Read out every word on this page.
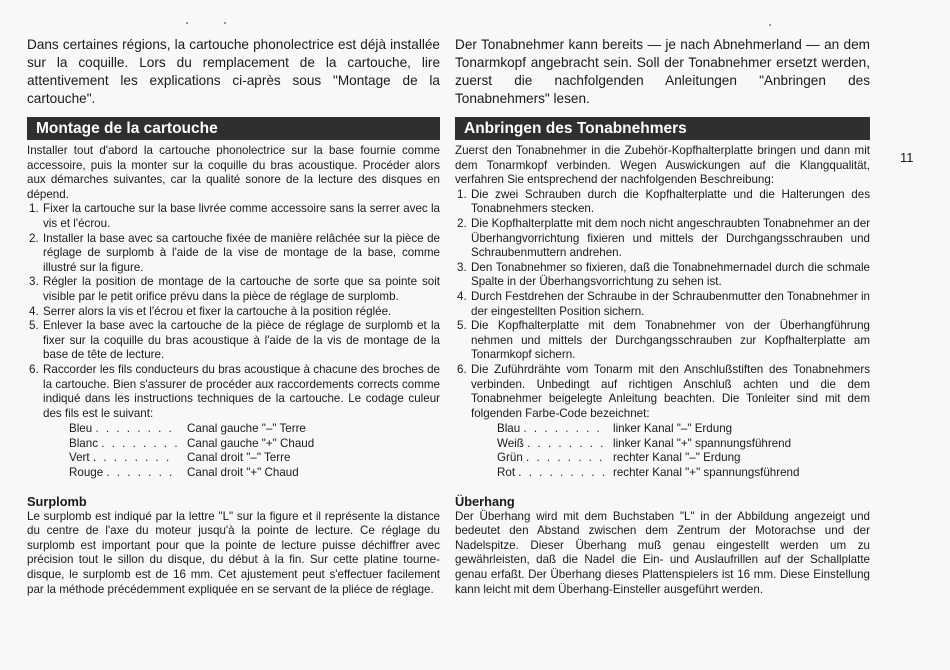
Dans certaines régions, la cartouche phonolectrice est déjà installée sur la coquille. Lors du remplacement de la cartouche, lire attentivement les explications ci-après sous "Montage de la cartouche".

Montage de la cartouche

Installer tout d'abord la cartouche phonolectrice sur la base fournie comme accessoire, puis la monter sur la coquille du bras acoustique. Procéder alors aux démarches suivantes, car la qualité sonore de la lecture des disques en dépend.

1. Fixer la cartouche sur la base livrée comme accessoire sans la serrer avec la vis et l'écrou.
2. Installer la base avec sa cartouche fixée de manière relâchée sur la pièce de réglage de surplomb à l'aide de la vise de montage de la base, comme illustré sur la figure.
3. Régler la position de montage de la cartouche de sorte que sa pointe soit visible par le petit orifice prévu dans la pièce de réglage de surplomb.
4. Serrer alors la vis et l'écrou et fixer la cartouche à la position réglée.
5. Enlever la base avec la cartouche de la pièce de réglage de surplomb et la fixer sur la coquille du bras acoustique à l'aide de la vis de montage de la base de tête de lecture.
6. Raccorder les fils conducteurs du bras acoustique à chacune des broches de la cartouche. Bien s'assurer de procéder aux raccordements corrects comme indiqué dans les instructions techniques de la cartouche. Le codage culeur des fils est le suivant:
Bleu . . . . . . . .	Canal gauche "–" Terre
Blanc . . . . . . . . Canal gauche "+" Chaud
Vert . . . . . . . .	Canal droit "–" Terre
Rouge . . . . . . .	Canal droit "+" Chaud
Surplomb

Le surplomb est indiqué par la lettre "L" sur la figure et il représente la distance du centre de l'axe du moteur jusqu'à la pointe de lecture. Ce réglage du surplomb est important pour que la pointe de lecture puisse déchiffrer avec précision tout le sillon du disque, du début à la fin. Sur cette platine tourne-disque, le surplomb est de 16 mm. Cet ajustement peut s'effectuer facilement par la méthode précédemment expliquée en se servant de la pliéce de réglage.

Der Tonabnehmer kann bereits — je nach Abnehmerland — an dem Tonarmkopf angebracht sein. Soll der Tonabnehmer ersetzt werden, zuerst die nachfolgenden Anleitungen "Anbringen des Tonabnehmers" lesen.

Anbringen des Tonabnehmers

Zuerst den Tonabnehmer in die Zubehör-Kopfhalterplatte bringen und dann mit dem Tonarmkopf verbinden. Wegen Auswickungen auf die Klangqualität, verfahren Sie entsprechend der nachfolgenden Beschreibung:

1. Die zwei Schrauben durch die Kopfhalterplatte und die Halterungen des Tonabnehmers stecken.
2. Die Kopfhalterplatte mit dem noch nicht angeschraubten Tonabnehmer an der Überhangvorrichtung fixieren und mittels der Durchgangsschrauben und Schraubenmuttern andrehen.
3. Den Tonabnehmer so fixieren, daß die Tonabnehmernadel durch die schmale Spalte in der Überhangsvorrichtung zu sehen ist.
4. Durch Festdrehen der Schraube in der Schraubenmutter den Tonabnehmer in der eingestellten Position sichern.
5. Die Kopfhalterplatte mit dem Tonabnehmer von der Überhangführung nehmen und mittels der Durchgangsschrauben zur Kopfhalterplatte am Tonarmkopf sichern.
6. Die Zuführdrähte vom Tonarm mit den Anschlußstiften des Tonabnehmers verbinden. Unbedingt auf richtigen Anschluß achten und die dem Tonabnehmer beigelegte Anleitung beachten. Die Tonleiter sind mit dem folgenden Farbe-Code bezeichnet:
Blau . . . . . . . . linker Kanal "–" Erdung
Weiß . . . . . . . . linker Kanal "+" spannungsführend
Grün . . . . . . . . rechter Kanal "–" Erdung
Rot . . . . . . . . . rechter Kanal "+" spannungsführend
Überhang

Der Überhang wird mit dem Buchstaben "L" in der Abbildung angezeigt und bedeutet den Abstand zwischen dem Zentrum der Motorachse und der Nadelspitze. Dieser Überhang muß genau eingestellt werden um zu gewährleisten, daß die Nadel die Ein- und Auslaufrillen auf der Schallplatte genau erfaßt. Der Überhang dieses Plattenspielers ist 16 mm. Diese Einstellung kann leicht mit dem Überhang-Einsteller ausgeführt werden.

11
